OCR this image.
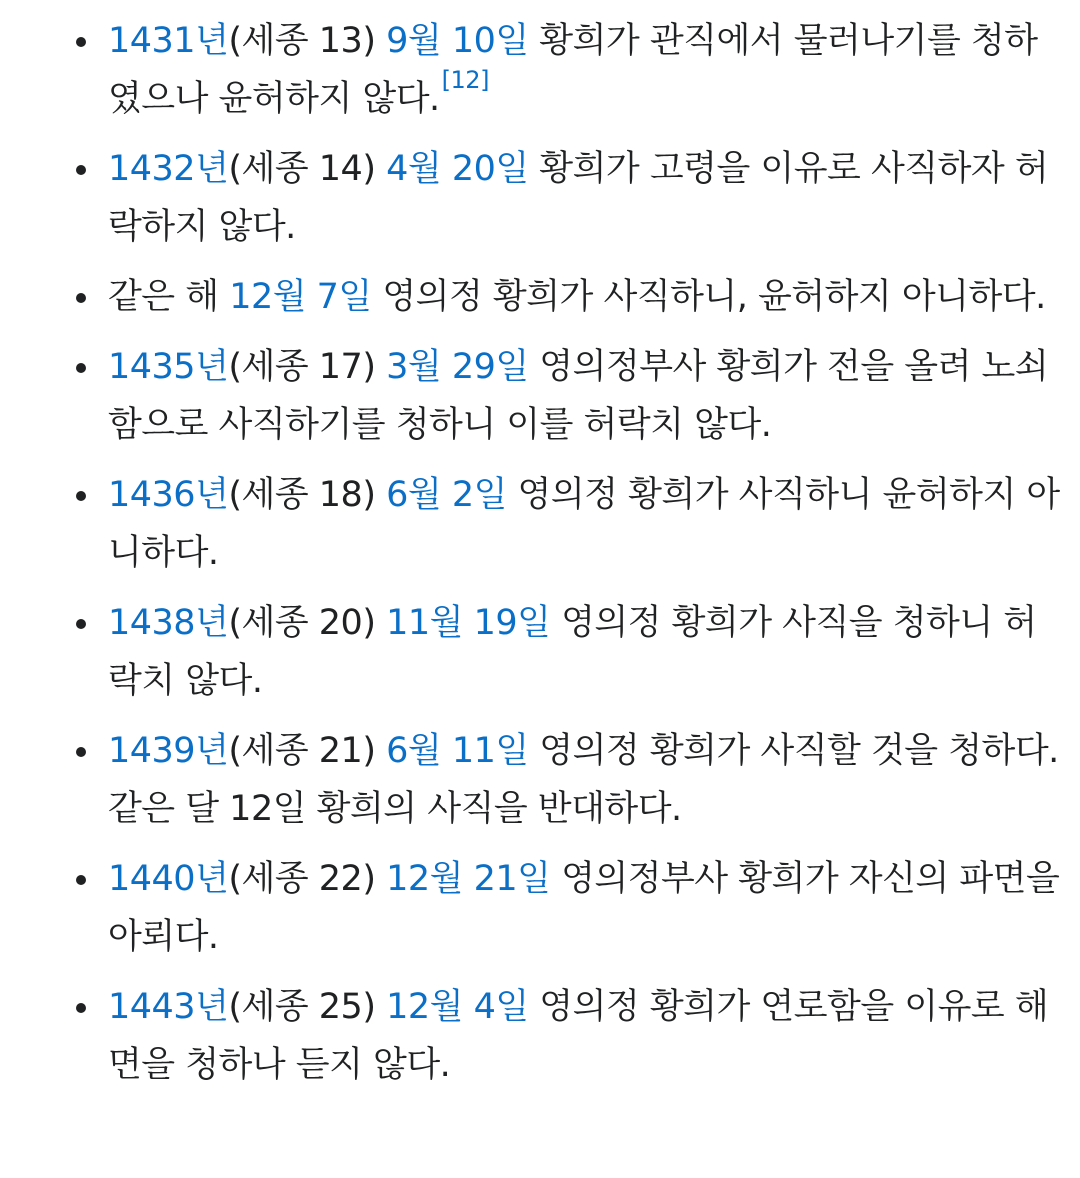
1431년(세종 13) 9월 10일 황희가 관직에서 물러나기를 청하였으나 윤허하지 않다.[12]
1432년(세종 14) 4월 20일 황희가 고령을 이유로 사직하자 허락하지 않다.
같은 해 12월 7일 영의정 황희가 사직하니, 윤허하지 아니하다.
1435년(세종 17) 3월 29일 영의정부사 황희가 전을 올려 노쇠함으로 사직하기를 청하니 이를 허락치 않다.
1436년(세종 18) 6월 2일 영의정 황희가 사직하니 윤허하지 아니하다.
1438년(세종 20) 11월 19일 영의정 황희가 사직을 청하니 허락치 않다.
1439년(세종 21) 6월 11일 영의정 황희가 사직할 것을 청하다. 같은 달 12일 황희의 사직을 반대하다.
1440년(세종 22) 12월 21일 영의정부사 황희가 자신의 파면을 아뢰다.
1443년(세종 25) 12월 4일 영의정 황희가 연로함을 이유로 해면을 청하나 듣지 않다.
